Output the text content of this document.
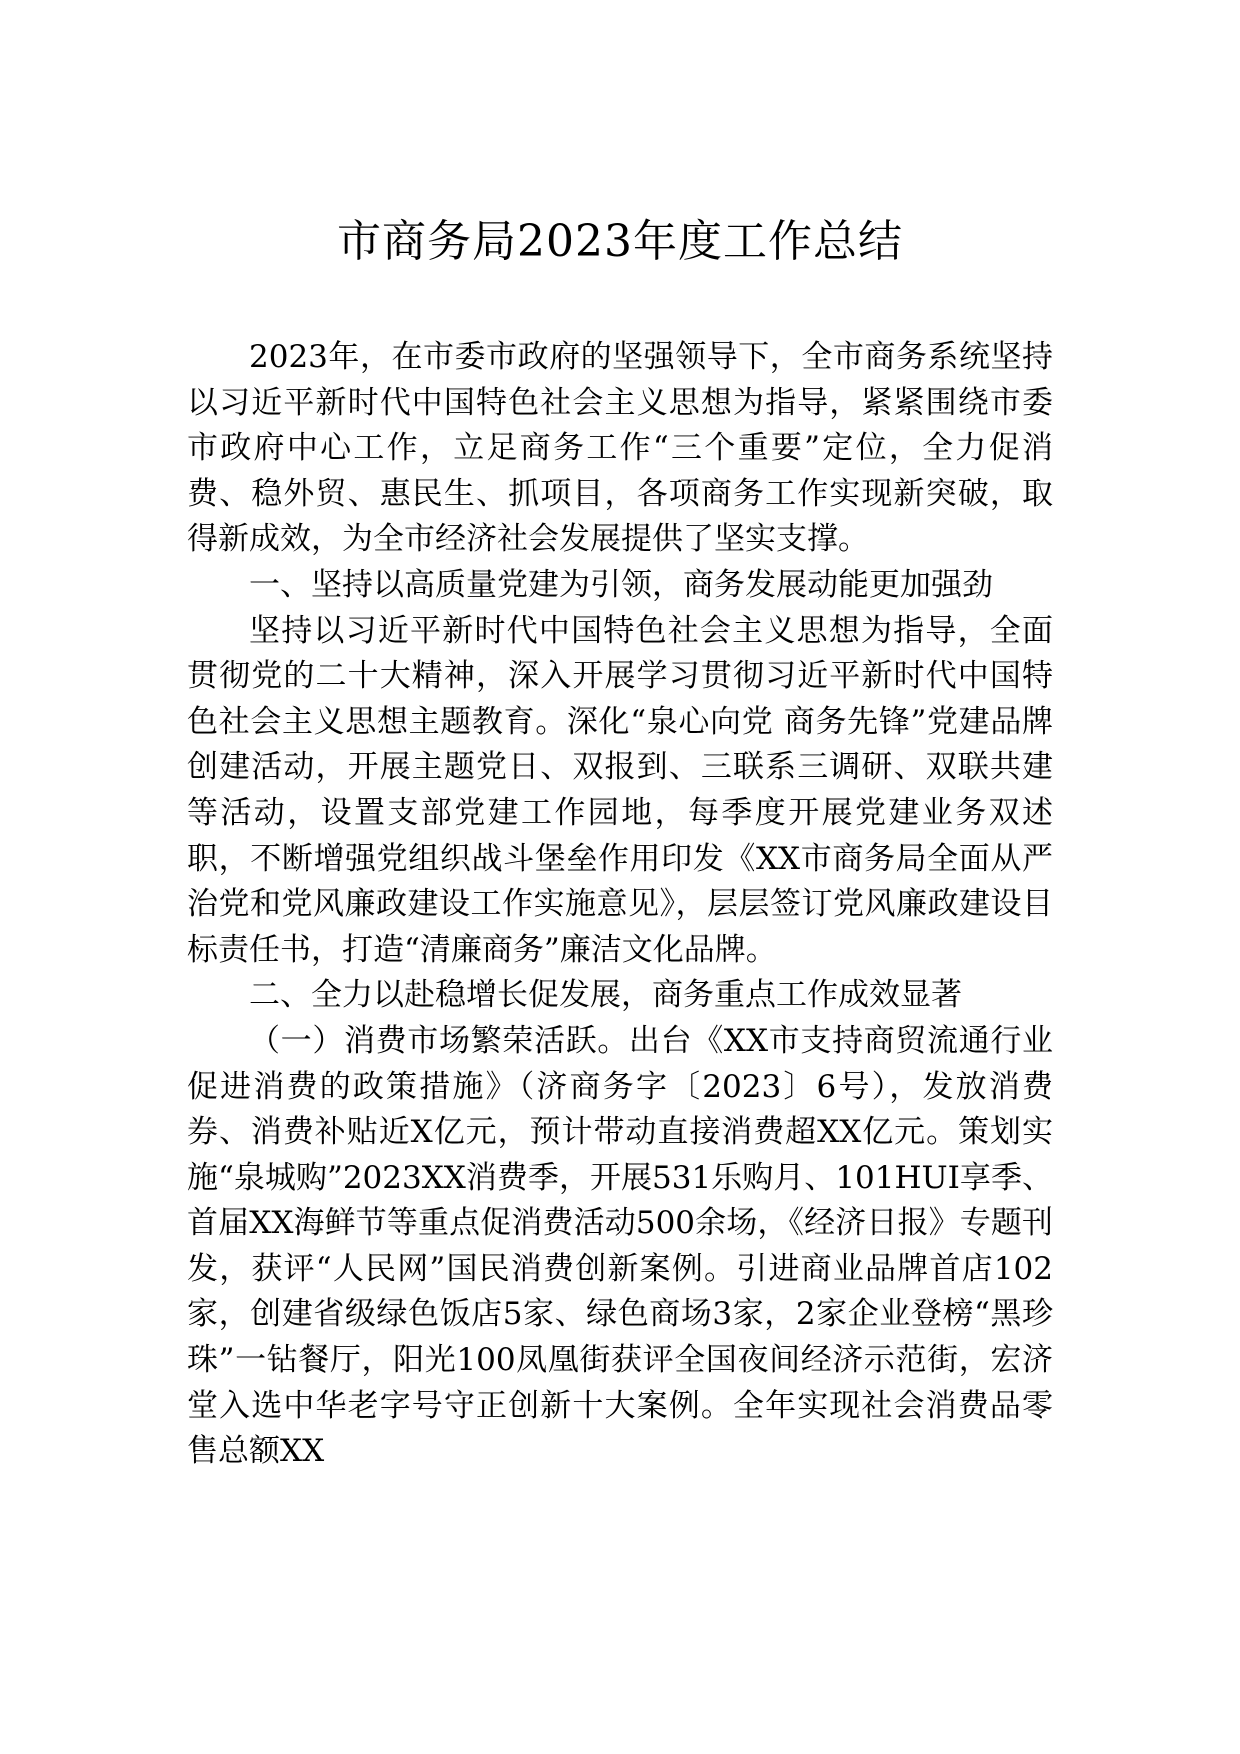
市商务局2023年度工作总结

2023年，在市委市政府的坚强领导下，全市商务系统坚持以习近平新时代中国特色社会主义思想为指导，紧紧围绕市委市政府中心工作，立足商务工作“三个重要”定位，全力促消费、稳外贸、惠民生、抓项目，各项商务工作实现新突破，取得新成效，为全市经济社会发展提供了坚实支撑。

一、坚持以高质量党建为引领，商务发展动能更加强劲

坚持以习近平新时代中国特色社会主义思想为指导，全面贯彻党的二十大精神，深入开展学习贯彻习近平新时代中国特色社会主义思想主题教育。深化“泉心向党 商务先锋”党建品牌创建活动，开展主题党日、双报到、三联系三调研、双联共建等活动，设置支部党建工作园地，每季度开展党建业务双述职，不断增强党组织战斗堡垒作用印发《XX市商务局全面从严治党和党风廉政建设工作实施意见》，层层签订党风廉政建设目标责任书，打造“清廉商务”廉洁文化品牌。

二、全力以赴稳增长促发展，商务重点工作成效显著

（一）消费市场繁荣活跃。出台《XX市支持商贸流通行业促进消费的政策措施》（济商务字〔2023〕6号），发放消费券、消费补贴近X亿元，预计带动直接消费超XX亿元。策划实施“泉城购”2023XX消费季，开展531乐购月、101HUI享季、首届XX海鲜节等重点促消费活动500余场，《经济日报》专题刊发，获评“人民网”国民消费创新案例。引进商业品牌首店102家，创建省级绿色饭店5家、绿色商场3家，2家企业登榜“黑珍珠”一钻餐厅，阳光100凤凰街获评全国夜间经济示范街，宏济堂入选中华老字号守正创新十大案例。全年实现社会消费品零售总额XX
